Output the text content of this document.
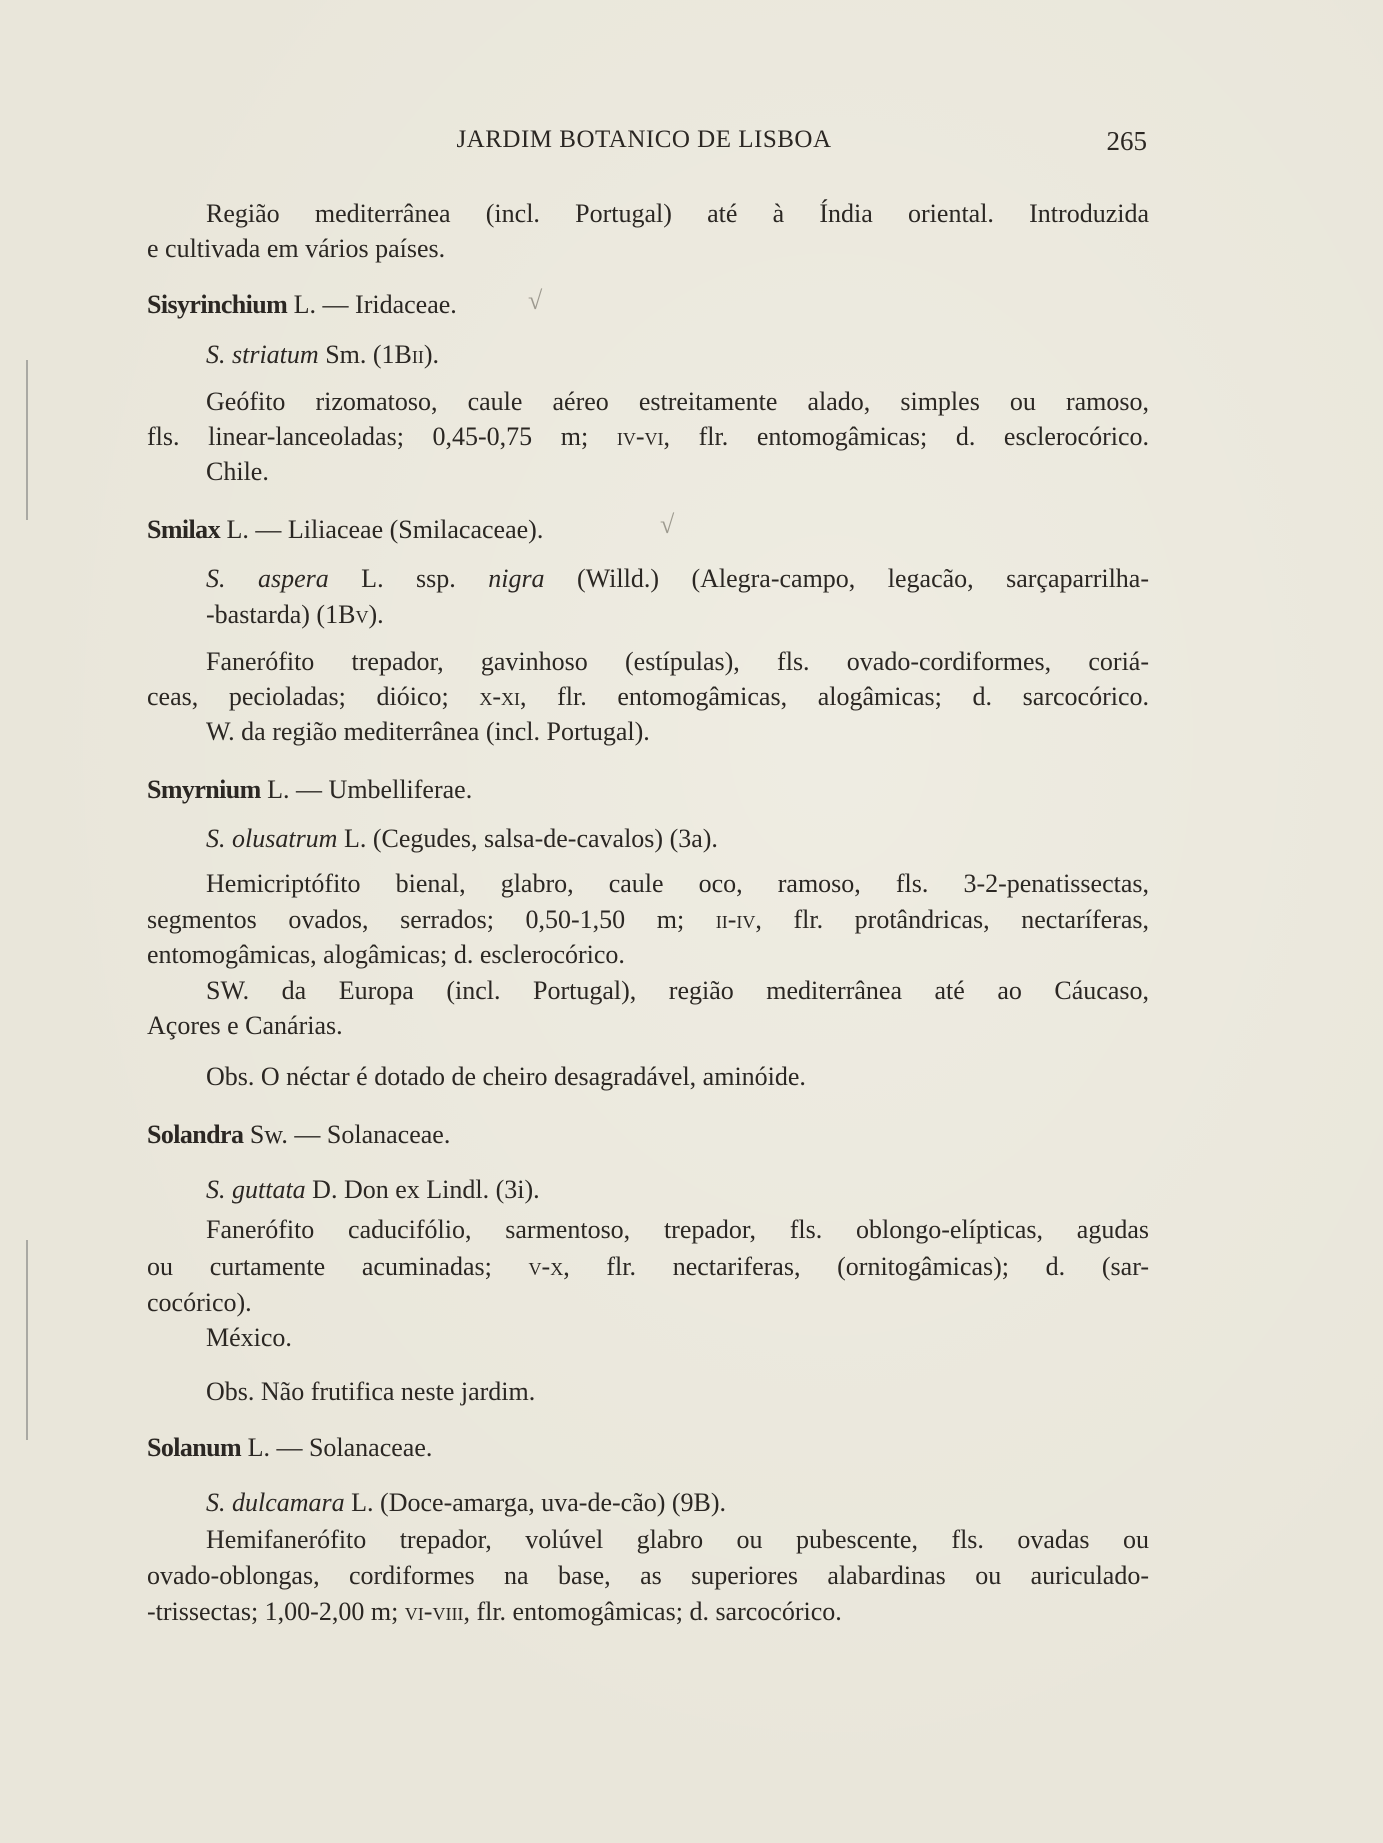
JARDIM BOTANICO DE LISBOA	265
Região mediterrânea (incl. Portugal) até à Índia oriental. Introduzida
e cultivada em vários países.
Sisyrinchium L. — Iridaceae.
S. striatum Sm. (1Bii).
Geófito rizomatoso, caule aéreo estreitamente alado, simples ou ramoso,
fls. linear-lanceoladas; 0,45-0,75 m; iv-vi, flr. entomogâmicas; d. esclerocórico.
Chile.
Smilax L. — Liliaceae (Smilacaceae).
S. aspera L. ssp. nigra (Willd.) (Alegra-campo, legacão, sarçaparrilha-
-bastarda) (1Bv).
Fanerófito trepador, gavinhoso (estípulas), fls. ovado-cordiformes, coriá-
ceas, pecioladas; dióico; x-xi, flr. entomogâmicas, alogâmicas; d. sarcocórico.
W. da região mediterrânea (incl. Portugal).
Smyrnium L. — Umbelliferae.
S. olusatrum L. (Cegudes, salsa-de-cavalos) (3a).
Hemicriptófito bienal, glabro, caule oco, ramoso, fls. 3-2-penatissectas,
segmentos ovados, serrados; 0,50-1,50 m; ii-iv, flr. protândricas, nectaríferas,
entomogâmicas, alogâmicas; d. esclerocórico.
SW. da Europa (incl. Portugal), região mediterrânea até ao Cáucaso,
Açores e Canárias.
Obs. O néctar é dotado de cheiro desagradável, aminóide.
Solandra Sw. — Solanaceae.
S. guttata D. Don ex Lindl. (3i).
Fanerófito caducifólio, sarmentoso, trepador, fls. oblongo-elípticas, agudas
ou curtamente acuminadas; v-x, flr. nectariferas, (ornitogâmicas); d. (sar-
cocórico).
México.
Obs. Não frutifica neste jardim.
Solanum L. — Solanaceae.
S. dulcamara L. (Doce-amarga, uva-de-cão) (9B).
Hemifanerófito trepador, volúvel glabro ou pubescente, fls. ovadas ou
ovado-oblongas, cordiformes na base, as superiores alabardinas ou auriculado-
-trissectas; 1,00-2,00 m; vi-viii, flr. entomogâmicas; d. sarcocórico.
√
√
